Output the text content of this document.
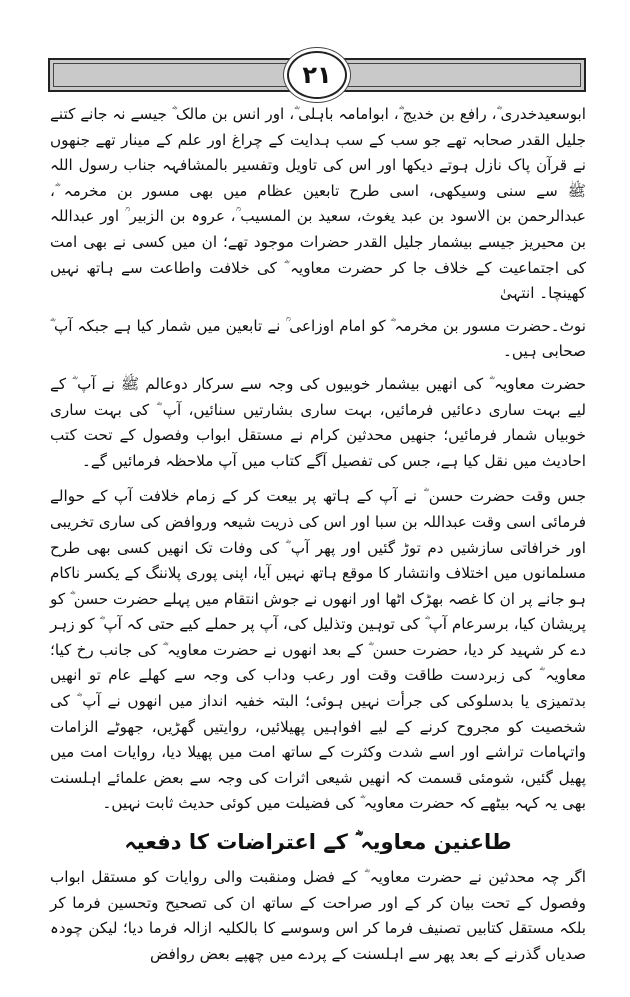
۲۱

ابوسعیدخدری ؓ، رافع بن خدیج ؓ، ابوامامہ باہلی ؓ، اور انس بن مالک ؓ جیسے نہ جانے کتنے جلیل القدر صحابہ تھے جو سب کے سب ہدایت کے چراغ اور علم کے مینار تھے جنھوں نے قرآن پاک نازل ہوتے دیکھا اور اس کی تاویل وتفسیر بالمشافہہ جناب رسول اللہ ﷺ سے سنی وسیکھی، اسی طرح تابعین عظام میں بھی مسور بن مخرمہ ؓ، عبدالرحمن بن الاسود بن عبد یغوث، سعید بن المسیب ؒ، عروہ بن الزبیر ؒ اور عبداللہ بن محیریز جیسے بیشمار جلیل القدر حضرات موجود تھے؛ ان میں کسی نے بھی امت کی اجتماعیت کے خلاف جا کر حضرت معاویہ ؓ کی خلافت واطاعت سے ہاتھ نہیں کھینچا۔ انتہیٰ

نوٹ۔حضرت مسور بن مخرمہ ؓ کو امام اوزاعی ؒ نے تابعین میں شمار کیا ہے جبکہ آپ ؓ صحابی ہیں۔

حضرت معاویہ ؓ کی انھیں بیشمار خوبیوں کی وجہ سے سرکار دوعالم ﷺ نے آپ ؓ کے لیے بہت ساری دعائیں فرمائیں، بہت ساری بشارتیں سنائیں، آپ ؓ کی بہت ساری خوبیاں شمار فرمائیں؛ جنھیں محدثین کرام نے مستقل ابواب وفصول کے تحت کتب احادیث میں نقل کیا ہے، جس کی تفصیل آگے کتاب میں آپ ملاحظہ فرمائیں گے۔

جس وقت حضرت حسن ؓ نے آپ کے ہاتھ پر بیعت کر کے زمام خلافت آپ کے حوالے فرمائی اسی وقت عبداللہ بن سبا اور اس کی ذریت شیعہ وروافض کی ساری تخریبی اور خرافاتی سازشیں دم توڑ گئیں اور پھر آپ ؓ کی وفات تک انھیں کسی بھی طرح مسلمانوں میں اختلاف وانتشار کا موقع ہاتھ نہیں آیا، اپنی پوری پلاننگ کے یکسر ناکام ہو جانے پر ان کا غصہ بھڑک اٹھا اور انھوں نے جوش انتقام میں پہلے حضرت حسن ؓ کو پریشان کیا، برسرعام آپ ؓ کی توہین وتذلیل کی، آپ پر حملے کیے حتی کہ آپ ؓ کو زہر دے کر شہید کر دیا، حضرت حسن ؓ کے بعد انھوں نے حضرت معاویہ ؓ کی جانب رخ کیا؛ معاویہ ؓ کی زبردست طاقت وقت اور رعب وداب کی وجہ سے کھلے عام تو انھیں بدتمیزی یا بدسلوکی کی جرأت نہیں ہوئی؛ البتہ خفیہ انداز میں انھوں نے آپ ؓ کی شخصیت کو مجروح کرنے کے لیے افواہیں پھیلائیں، روایتیں گھڑیں، جھوٹے الزامات واتہامات تراشے اور اسے شدت وکثرت کے ساتھ امت میں پھیلا دیا، روایات امت میں پھیل گئیں، شومئی قسمت کہ انھیں شیعی اثرات کی وجہ سے بعض علمائے اہلسنت بھی یہ کہہ بیٹھے کہ حضرت معاویہ ؓ کی فضیلت میں کوئی حدیث ثابت نہیں۔

طاعنین معاویہ ؓ کے اعتراضات کا دفعیہ

اگر چہ محدثین نے حضرت معاویہ ؓ کے فضل ومنقبت والی روایات کو مستقل ابواب وفصول کے تحت بیان کر کے اور صراحت کے ساتھ ان کی تصحیح وتحسین فرما کر بلکہ مستقل کتابیں تصنیف فرما کر اس وسوسے کا بالکلیہ ازالہ فرما دیا؛ لیکن چودہ صدیاں گذرنے کے بعد پھر سے اہلسنت کے پردے میں چھپے بعض روافض
